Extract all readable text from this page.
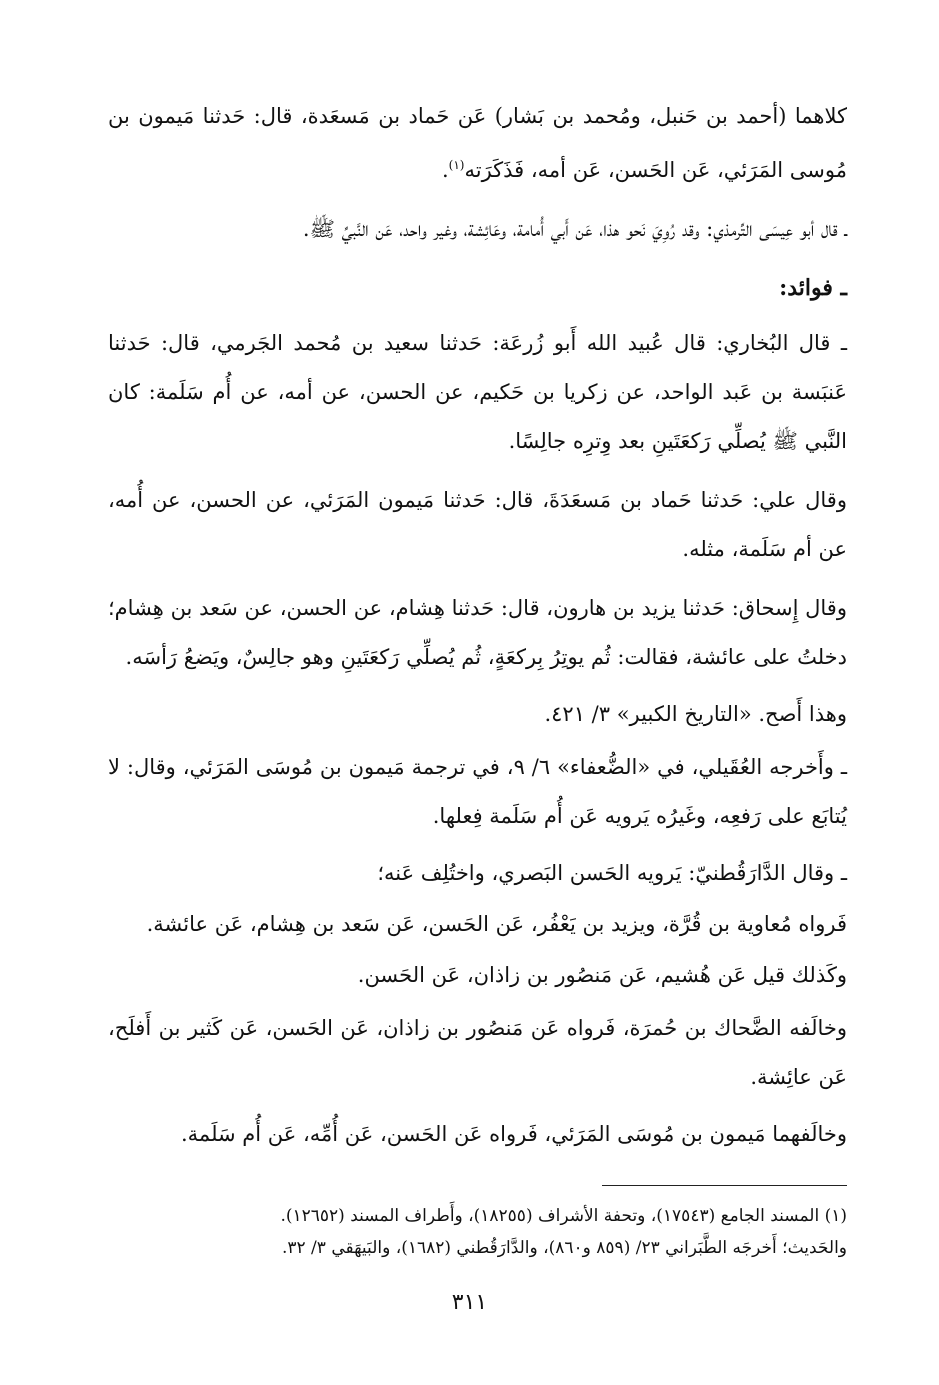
كلاهما (أحمد بن حَنبل، ومُحمد بن بَشار) عَن حَماد بن مَسعَدة، قال: حَدثنا مَيمون بن مُوسى المَرَئي، عَن الحَسن، عَن أمه، فَذَكَرَته$^{(١)}$.

ـ قال أبو عِيسَى التِّرمذي: وقد رُوِيَ نَحو هذا، عَن أَبي أُمامة، وعَائِشة، وغير واحد، عَن النَّبيِّ ﷺ.

ـ فوائد:

ـ قال البُخاري: قال عُبيد الله أَبو زُرعَة: حَدثنا سعيد بن مُحمد الجَرمي، قال: حَدثنا عَنبَسة بن عَبد الواحد، عن زكريا بن حَكيم، عن الحسن، عن أمه، عن أُم سَلَمة: كان النَّبي ﷺ يُصلِّي رَكعَتَينِ بعد وِترِه جالِسًا.

وقال علي: حَدثنا حَماد بن مَسعَدَةَ، قال: حَدثنا مَيمون المَرَئي، عن الحسن، عن أُمه، عن أم سَلَمة، مثله.

وقال إِسحاق: حَدثنا يزيد بن هارون، قال: حَدثنا هِشام، عن الحسن، عن سَعد بن هِشام؛ دخلتُ على عائشة، فقالت: ثُم يوتِرُ بِركعَةٍ، ثُم يُصلِّي رَكعَتَينِ وهو جالِسٌ، ويَضعُ رَأسَه.

وهذا أَصح. «التاريخ الكبير» ٣/ ٤٢١.

ـ وأَخرجه العُقَيلي، في «الضُّعفاء» ٦/ ٩، في ترجمة مَيمون بن مُوسَى المَرَئي، وقال: لا يُتابَع على رَفعِه، وغَيرُه يَرويه عَن أُم سَلَمة فِعلها.

ـ وقال الدَّارَقُطنيّ: يَرويه الحَسن البَصري، واختُلِف عَنه؛

فَرواه مُعاوية بن قُرَّة، ويزيد بن يَعْفُر، عَن الحَسن، عَن سَعد بن هِشام، عَن عائشة.

وكَذلك قيل عَن هُشيم، عَن مَنصُور بن زاذان، عَن الحَسن.

وخالَفه الضَّحاك بن حُمرَة، فَرواه عَن مَنصُور بن زاذان، عَن الحَسن، عَن كَثير بن أَفلَح، عَن عائِشة.

وخالَفهما مَيمون بن مُوسَى المَرَئي، فَرواه عَن الحَسن، عَن أُمِّه، عَن أُم سَلَمة.

(١) المسند الجامع (١٧٥٤٣)، وتحفة الأشراف (١٨٢٥٥)، وأَطراف المسند (١٢٦٥٢).

والحَديث؛ أَخرجَه الطَّبَراني ٢٣/ (٨٥٩ و٨٦٠)، والدَّارَقُطني (١٦٨٢)، والبَيهَقي ٣/ ٣٢.

٣١١
